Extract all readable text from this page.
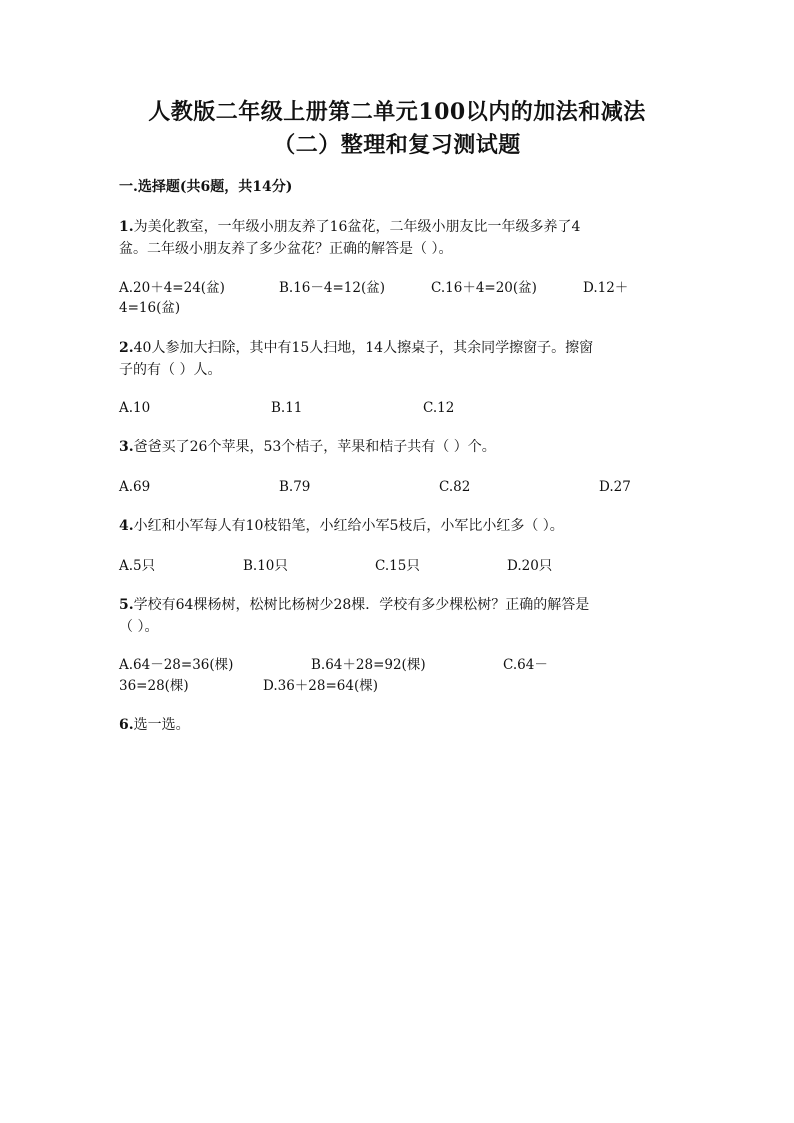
人教版二年级上册第二单元100以内的加法和减法
（二）整理和复习测试题
一.选择题(共6题，共14分)
1.为美化教室，一年级小朋友养了16盆花，二年级小朋友比一年级多养了4
盆。二年级小朋友养了多少盆花？正确的解答是（ ）。
A.20＋4=24(盆)	B.16－4=12(盆)	C.16＋4=20(盆)	D.12＋
4=16(盆)
2.40人参加大扫除，其中有15人扫地，14人擦桌子，其余同学擦窗子。擦窗
子的有（ ）人。
A.10	B.11	C.12
3.爸爸买了26个苹果，53个桔子，苹果和桔子共有（ ）个。
A.69	B.79	C.82	D.27
4.小红和小军每人有10枝铅笔，小红给小军5枝后，小军比小红多（ ）。
A.5只	B.10只	C.15只	D.20只
5.学校有64棵杨树，松树比杨树少28棵．学校有多少棵松树？正确的解答是
（ ）。
A.64－28=36(棵)	B.64＋28=92(棵)	C.64－
36=28(棵)	D.36＋28=64(棵)
6.选一选。
